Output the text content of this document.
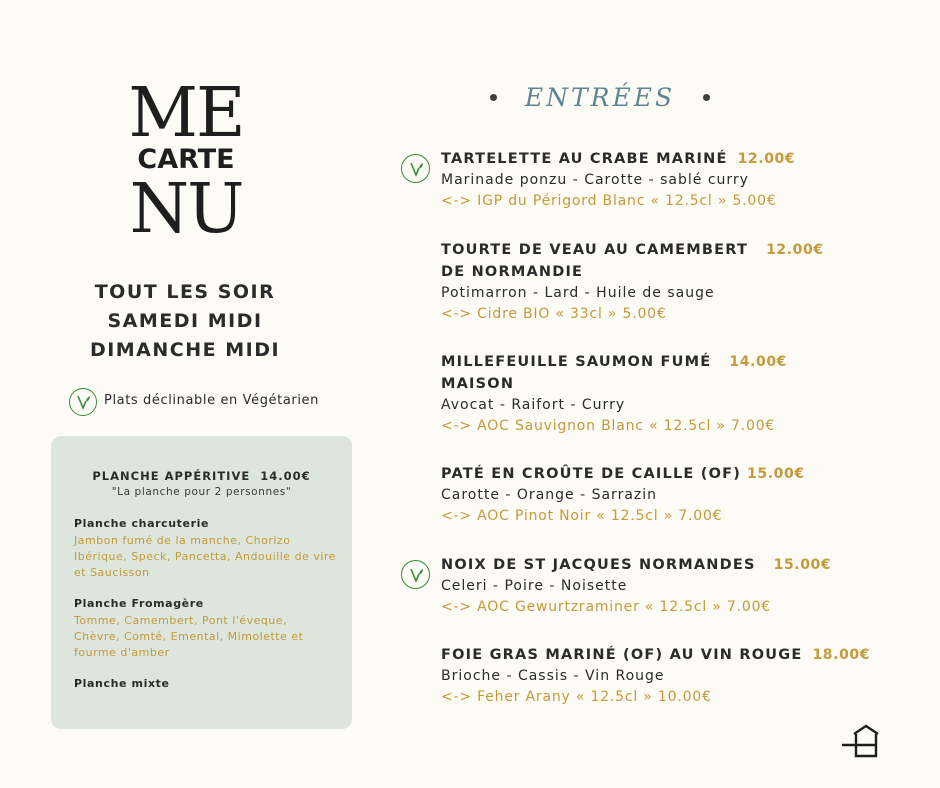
ME
CARTE
NU
TOUT LES SOIR
SAMEDI MIDI
DIMANCHE MIDI
Plats déclinable en Végétarien
PLANCHE APPÉRITIVE 14.00€
"La planche pour 2 personnes"
Planche charcuterie
Jambon fumé de la manche, Chorizo Ibérique, Speck, Pancetta, Andouille de vire et Saucisson
Planche Fromagère
Tomme, Camembert, Pont l'éveque, Chèvre, Comté, Emental, Mimolette et fourme d'amber
Planche mixte
ENTRÉES
TARTELETTE AU CRABE MARINÉ 12.00€
Marinade ponzu - Carotte - sablé curry
<-> IGP du Périgord Blanc « 12.5cl » 5.00€
TOURTE DE VEAU AU CAMEMBERT 12.00€
DE NORMANDIE
Potimarron - Lard - Huile de sauge
<-> Cidre BIO « 33cl » 5.00€
MILLEFEUILLE SAUMON FUMÉ 14.00€
MAISON
Avocat - Raifort - Curry
<-> AOC Sauvignon Blanc « 12.5cl » 7.00€
PATÉ EN CROÛTE DE CAILLE (OF) 15.00€
Carotte - Orange - Sarrazin
<-> AOC Pinot Noir « 12.5cl » 7.00€
NOIX DE ST JACQUES NORMANDES 15.00€
Celeri - Poire - Noisette
<-> AOC Gewurtzraminer « 12.5cl » 7.00€
FOIE GRAS MARINÉ (OF) AU VIN ROUGE 18.00€
Brioche - Cassis - Vin Rouge
<-> Feher Arany « 12.5cl » 10.00€
